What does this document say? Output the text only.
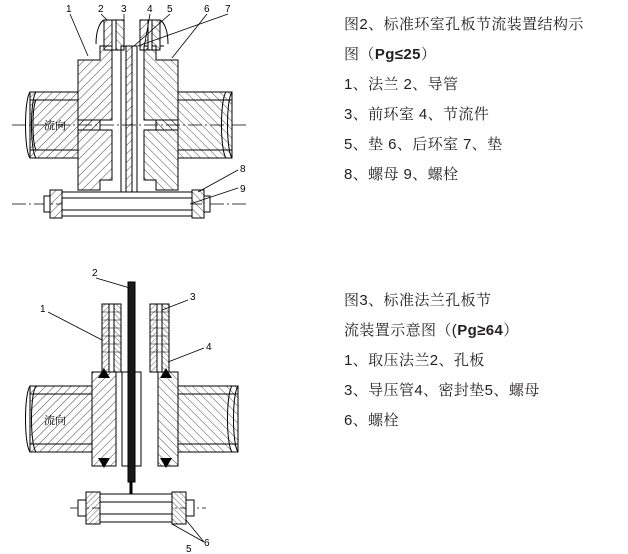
1	2 3 4 5	6 7
8
9
流向
2
1
3
4
6
5
流向
图2、标准环室孔板节流装置结构示
图（Pg≤25）
1、法兰 2、导管
3、前环室 4、节流件
5、垫 6、后环室 7、垫
8、螺母 9、螺栓
图3、标准法兰孔板节
流装置示意图（(Pg≥64）
1、取压法兰2、孔板
3、导压管4、密封垫5、螺母
6、螺栓
